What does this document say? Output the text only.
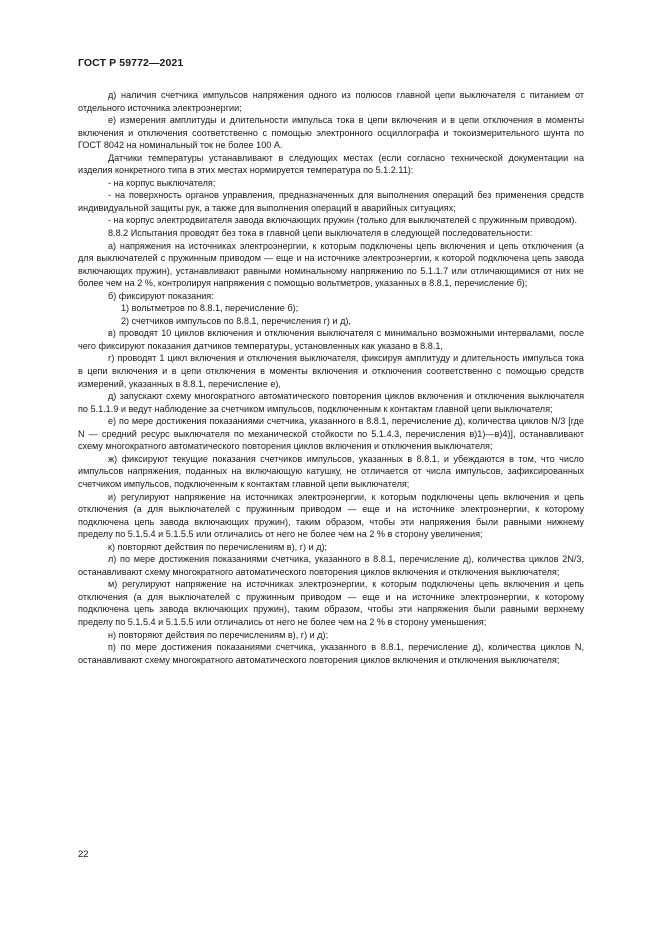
ГОСТ Р 59772—2021

д) наличия счетчика импульсов напряжения одного из полюсов главной цепи выключателя с питанием от отдельного источника электроэнергии;

е) измерения амплитуды и длительности импульса тока в цепи включения и в цепи отключения в моменты включения и отключения соответственно с помощью электронного осциллографа и токоизмерительного шунта по ГОСТ 8042 на номинальный ток не более 100 А.

Датчики температуры устанавливают в следующих местах (если согласно технической документации на изделия конкретного типа в этих местах нормируется температура по 5.1.2.11):

- на корпус выключателя;

- на поверхность органов управления, предназначенных для выполнения операций без применения средств индивидуальной защиты рук, а также для выполнения операций в аварийных ситуациях;

- на корпус электродвигателя завода включающих пружин (только для выключателей с пружинным приводом).

8.8.2 Испытания проводят без тока в главной цепи выключателя в следующей последовательности:

а) напряжения на источниках электроэнергии, к которым подключены цепь включения и цепь отключения (а для выключателей с пружинным приводом — еще и на источнике электроэнергии, к которой подключена цепь завода включающих пружин), устанавливают равными номинальному напряжению по 5.1.1.7 или отличающимися от них не более чем на 2 %, контролируя напряжения с помощью вольтметров, указанных в 8.8.1, перечисление б);

б) фиксируют показания:

1) вольтметров по 8.8.1, перечисление б);

2) счетчиков импульсов по 8.8.1, перечисления г) и д),

в) проводят 10 циклов включения и отключения выключателя с минимально возможными интервалами, после чего фиксируют показания датчиков температуры, установленных как указано в 8.8.1,

г) проводят 1 цикл включения и отключения выключателя, фиксируя амплитуду и длительность импульса тока в цепи включения и в цепи отключения в моменты включения и отключения соответственно с помощью средств измерений, указанных в 8.8.1, перечисление е),

д) запускают схему многократного автоматического повторения циклов включения и отключения выключателя по 5.1.1.9 и ведут наблюдение за счетчиком импульсов, подключенным к контактам главной цепи выключателя;

е) по мере достижения показаниями счетчика, указанного в 8.8.1, перечисление д), количества циклов N/3 [где N — средний ресурс выключателя по механической стойкости по 5.1.4.3, перечисления в)1)—в)4)], останавливают схему многократного автоматического повторения циклов включения и отключения выключателя;

ж) фиксируют текущие показания счетчиков импульсов, указанных в 8.8.1, и убеждаются в том, что число импульсов напряжения, поданных на включающую катушку, не отличается от числа импульсов, зафиксированных счетчиком импульсов, подключенным к контактам главной цепи выключателя;

и) регулируют напряжение на источниках электроэнергии, к которым подключены цепь включения и цепь отключения (а для выключателей с пружинным приводом — еще и на источнике электроэнергии, к которому подключена цепь завода включающих пружин), таким образом, чтобы эти напряжения были равными нижнему пределу по 5.1.5.4 и 5.1.5.5 или отличались от него не более чем на 2 % в сторону увеличения;

к) повторяют действия по перечислениям в), г) и д);

л) по мере достижения показаниями счетчика, указанного в 8.8.1, перечисление д), количества циклов 2N/3, останавливают схему многократного автоматического повторения циклов включения и отключения выключателя;

м) регулируют напряжение на источниках электроэнергии, к которым подключены цепь включения и цепь отключения (а для выключателей с пружинным приводом — еще и на источнике электроэнергии, к которому подключена цепь завода включающих пружин), таким образом, чтобы эти напряжения были равными верхнему пределу по 5.1.5.4 и 5.1.5.5 или отличались от него не более чем на 2 % в сторону уменьшения;

н) повторяют действия по перечислениям в), г) и д);

п) по мере достижения показаниями счетчика, указанного в 8.8.1, перечисление д), количества циклов N, останавливают схему многократного автоматического повторения циклов включения и отключения выключателя;

22
